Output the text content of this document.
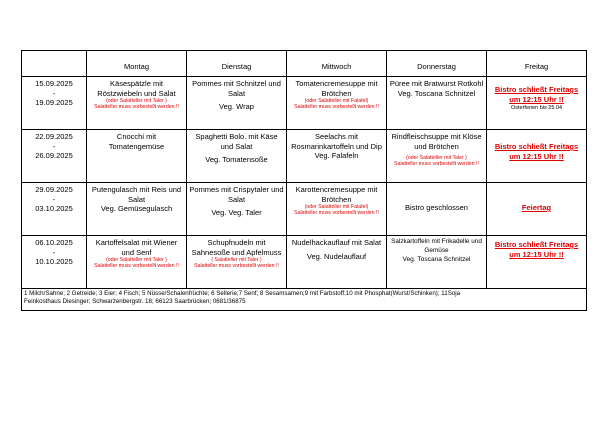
	Montag	Dienstag	Mittwoch	Donnerstag	Freitag

15.09.2025
-
19.09.2025	Käsespätzle mit Röstzwiebeln und Salat
(oder Salatteller mit Taler )
Salatteller muss vorbestellt werden !!	Pommes mit Schnitzel und Salat
Veg. Wrap	Tomatencremesuppe mit Brötchen
(oder Salatteller mit Falafel)
Salatteller muss vorbestellt werden !!	Püree mit Bratwurst Rotkohl
Veg. Toscana Schnitzel	Bistro schließt Freitags um 12:15 Uhr !!
Osterferien bis 25.04

22.09.2025
-
26.09.2025	Cnocchi mit Tomatengemüse	Spaghetti Bolo. mit Käse und Salat
Veg. Tomatensoße	Seelachs mit Rosmarinkartoffeln und Dip
Veg. Falafeln	Rindfleischsuppe mit Klöse und Brötchen
(oder Salatteller mit Taler )
Salatteller muss vorbestellt werden !!	Bistro schließt Freitags um 12:15 Uhr !!

29.09.2025
-
03.10.2025	Putengulasch mit Reis und Salat
Veg. Gemüsegulasch	Pommes mit Crispytaler und Salat
Veg. Veg. Taler	Karottencremesuppe mit Brötchen
(oder Salatteller mit Falafel)
Salatteller muss vorbestellt werden !!	Bistro geschlossen	Feiertag

06.10.2025
-
10.10.2025	Kartoffelsalat mit Wiener und Senf
(oder Salatteller mit Taler )
Salatteller muss vorbestellt werden !!	Schupfnudeln mit Sahnesoße und Apfelmuss
( Salatteller mit Taler )
Salatteller muss vorbestellt werden !!	Nudelhackauflauf mit Salat
Veg. Nudelauflauf	Salzkartoffeln mit Frikadelle und Gemüse
Veg. Toscana Schnitzel	Bistro schließt Freitags um 12:15 Uhr !!

1 Milch/Sahne; 2 Getreide; 3 Eier; 4 Fisch; 5 Nüsse/Schalenfrüchte; 6 Sellerie;7 Senf; 8 Sesamsamen;9 mit Farbstoff;10 mit Phosphat(Wurst/Schinken); 11Soja
Feinkosthaus Diesinger; Schwarzenbergstr. 18; 66123 Saarbrücken; 0681/36875					
